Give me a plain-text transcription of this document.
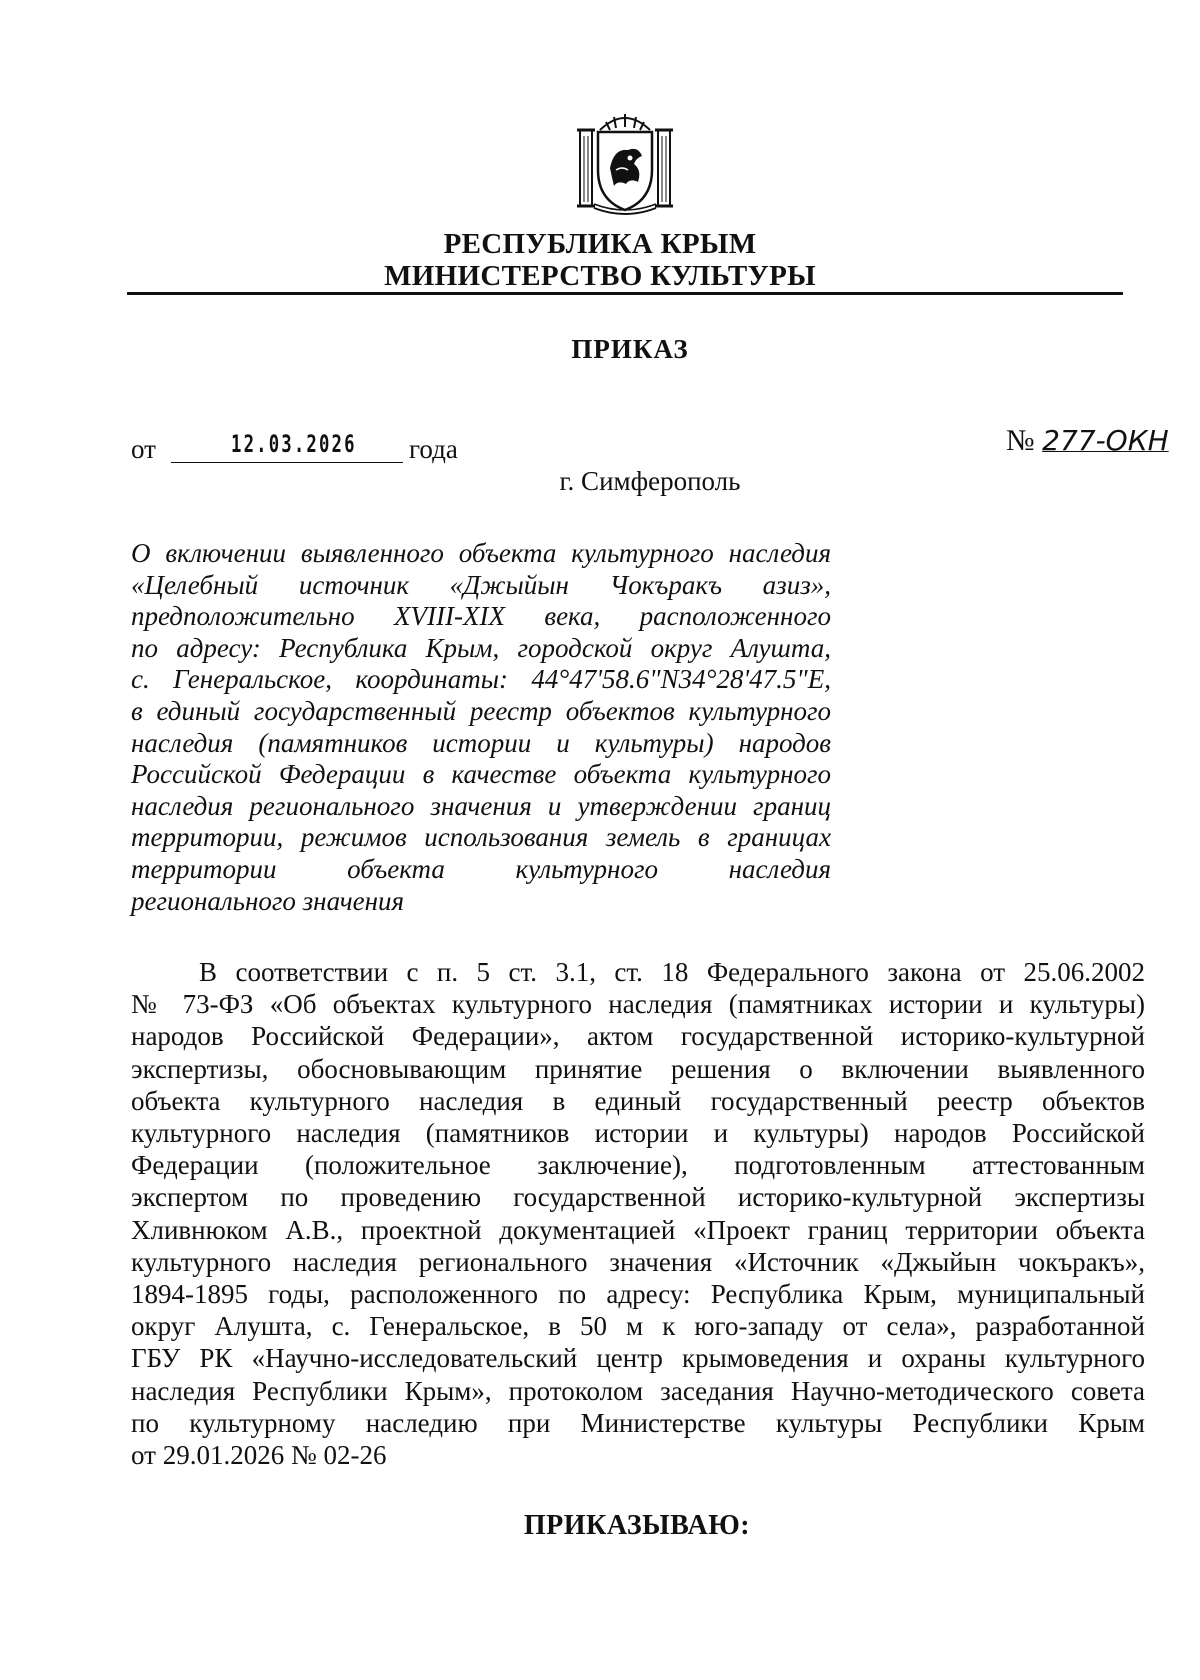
РЕСПУБЛИКА КРЫМ
МИНИСТЕРСТВО КУЛЬТУРЫ
ПРИКАЗ
от	12.03.2026 года	№ 277-ОКН
г. Симферополь
О включении выявленного объекта культурного наследия
«Целебный источник «Джыйын Чокъракъ азиз»,
предположительно XVIII-XIX века, расположенного
по адресу: Республика Крым, городской округ Алушта,
с. Генеральское, координаты: 44°47'58.6"N34°28'47.5"E,
в единый государственный реестр объектов культурного
наследия (памятников истории и культуры) народов
Российской Федерации в качестве объекта культурного
наследия регионального значения и утверждении границ
территории, режимов использования земель в границах
территории объекта культурного наследия
регионального значения
В соответствии с п. 5 ст. 3.1, ст. 18 Федерального закона от 25.06.2002
№ 73-ФЗ «Об объектах культурного наследия (памятниках истории и культуры)
народов Российской Федерации», актом государственной историко-культурной
экспертизы, обосновывающим принятие решения о включении выявленного
объекта культурного наследия в единый государственный реестр объектов
культурного наследия (памятников истории и культуры) народов Российской
Федерации (положительное заключение), подготовленным аттестованным
экспертом по проведению государственной историко-культурной экспертизы
Хливнюком А.В., проектной документацией «Проект границ территории объекта
культурного наследия регионального значения «Источник «Джыйын чокъракъ»,
1894-1895 годы, расположенного по адресу: Республика Крым, муниципальный
округ Алушта, с. Генеральское, в 50 м к юго-западу от села», разработанной
ГБУ РК «Научно-исследовательский центр крымоведения и охраны культурного
наследия Республики Крым», протоколом заседания Научно-методического совета
по культурному наследию при Министерстве культуры Республики Крым
от 29.01.2026 № 02-26
ПРИКАЗЫВАЮ:
